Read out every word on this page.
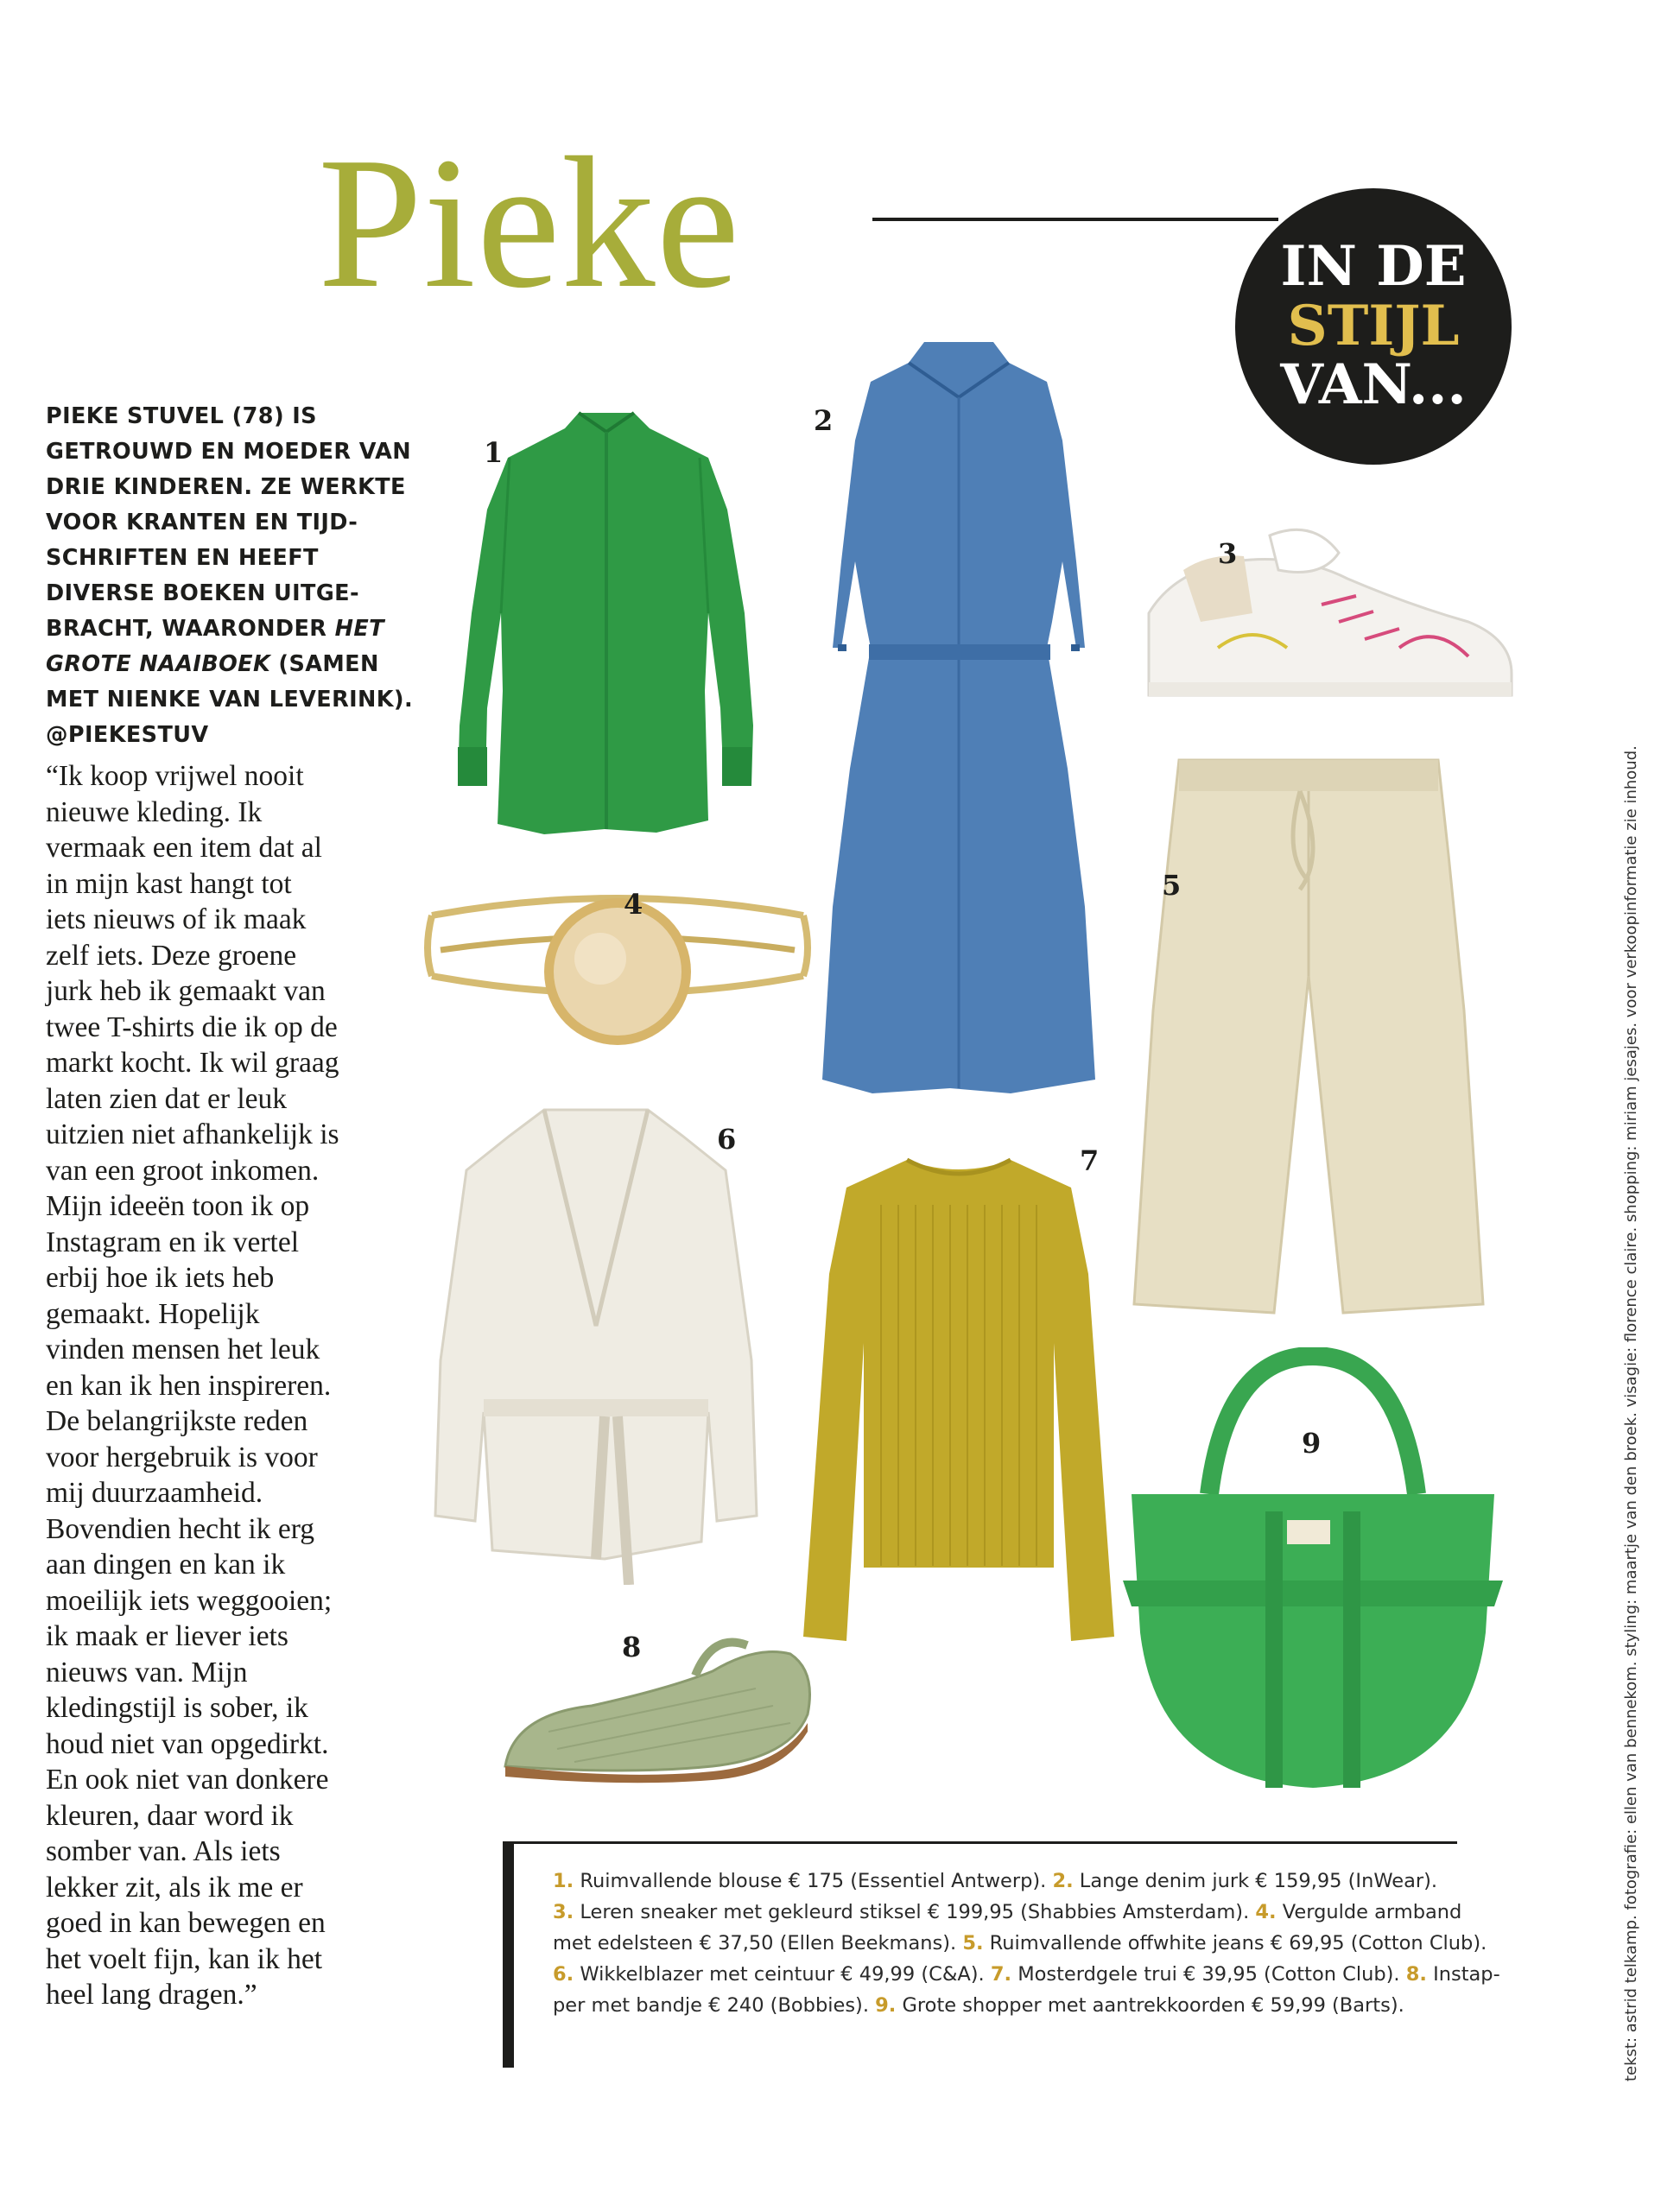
Pieke	IN DE
STIJL
VAN...
PIEKE STUVEL (78) IS
GETROUWD EN MOEDER VAN
DRIE KINDEREN. ZE WERKTE
VOOR KRANTEN EN TIJD-
SCHRIFTEN EN HEEFT
DIVERSE BOEKEN UITGE-
BRACHT, WAARONDER HET
GROTE NAAIBOEK (SAMEN
MET NIENKE VAN LEVERINK).
@PIEKESTUV
“Ik koop vrijwel nooit
nieuwe kleding. Ik
vermaak een item dat al
in mijn kast hangt tot
iets nieuws of ik maak
zelf iets. Deze groene
jurk heb ik gemaakt van
twee T-shirts die ik op de
markt kocht. Ik wil graag
laten zien dat er leuk
uitzien niet afhankelijk is
van een groot inkomen.
Mijn ideeën toon ik op
Instagram en ik vertel
erbij hoe ik iets heb
gemaakt. Hopelijk
vinden mensen het leuk
en kan ik hen inspireren.
De belangrijkste reden
voor hergebruik is voor
mij duurzaamheid.
Bovendien hecht ik erg
aan dingen en kan ik
moeilijk iets weggooien;
ik maak er liever iets
nieuws van. Mijn
kledingstijl is sober, ik
houd niet van opgedirkt.
En ook niet van donkere
kleuren, daar word ik
somber van. Als iets
lekker zit, als ik me er
goed in kan bewegen en
het voelt fijn, kan ik het
heel lang dragen.”
1
2
3
4
5
6
7
8
9
1. Ruimvallende blouse € 175 (Essentiel Antwerp). 2. Lange denim jurk € 159,95 (InWear).
3. Leren sneaker met gekleurd stiksel € 199,95 (Shabbies Amsterdam). 4. Vergulde armband
met edelsteen € 37,50 (Ellen Beekmans). 5. Ruimvallende offwhite jeans € 69,95 (Cotton Club).
6. Wikkelblazer met ceintuur € 49,99 (C&A). 7. Mosterdgele trui € 39,95 (Cotton Club). 8. Instap-
per met bandje € 240 (Bobbies). 9. Grote shopper met aantrekkoorden € 59,99 (Barts).	tekst: astrid telkamp. fotografie: ellen van bennekom. styling: maartje van den broek. visagie: florence claire. shopping: miriam jesajes. voor verkoopinformatie zie inhoud.
